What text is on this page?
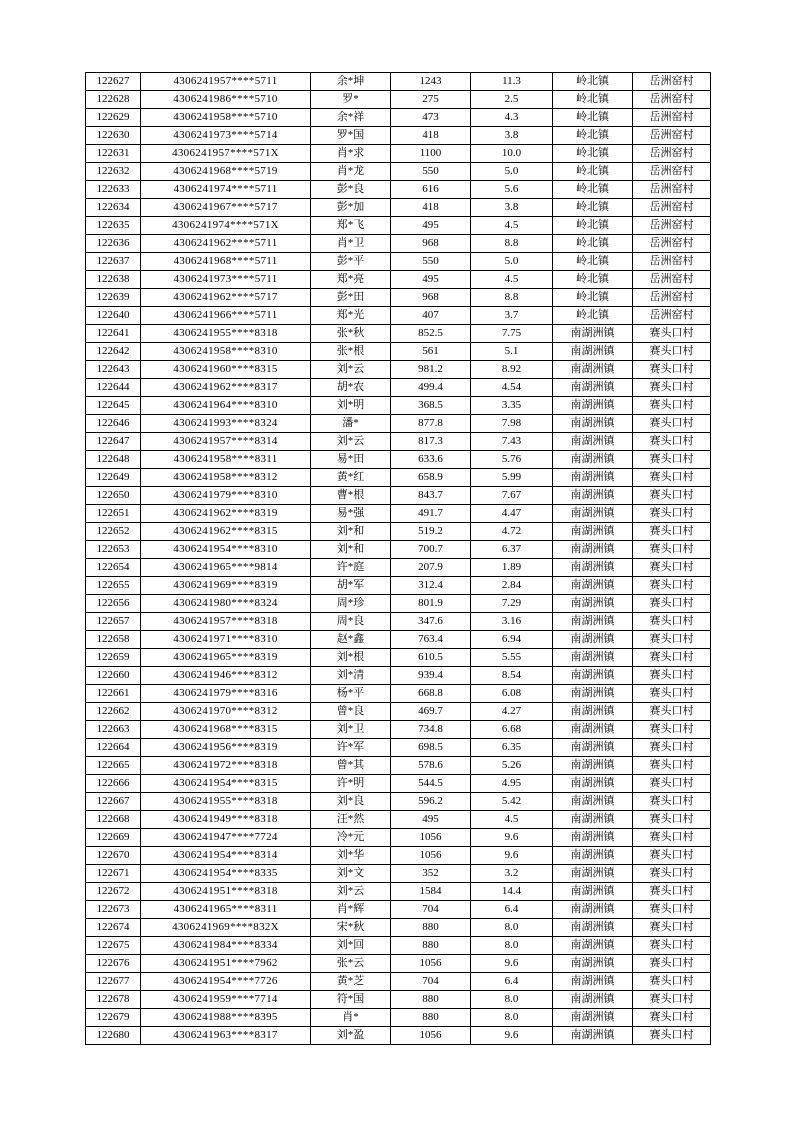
122627	4306241957****5711	余*坤	1243	11.3	岭北镇	岳洲窑村
122628	4306241986****5710	罗*	275	2.5	岭北镇	岳洲窑村
122629	4306241958****5710	余*祥	473	4.3	岭北镇	岳洲窑村
122630	4306241973****5714	罗*国	418	3.8	岭北镇	岳洲窑村
122631	4306241957****571X	肖*求	1100	10.0	岭北镇	岳洲窑村
122632	4306241968****5719	肖*龙	550	5.0	岭北镇	岳洲窑村
122633	4306241974****5711	彭*良	616	5.6	岭北镇	岳洲窑村
122634	4306241967****5717	彭*加	418	3.8	岭北镇	岳洲窑村
122635	4306241974****571X	郑*飞	495	4.5	岭北镇	岳洲窑村
122636	4306241962****5711	肖*卫	968	8.8	岭北镇	岳洲窑村
122637	4306241968****5711	彭*平	550	5.0	岭北镇	岳洲窑村
122638	4306241973****5711	郑*亮	495	4.5	岭北镇	岳洲窑村
122639	4306241962****5717	彭*田	968	8.8	岭北镇	岳洲窑村
122640	4306241966****5711	郑*光	407	3.7	岭北镇	岳洲窑村
122641	4306241955****8318	张*秋	852.5	7.75	南湖洲镇	赛头口村
122642	4306241958****8310	张*根	561	5.1	南湖洲镇	赛头口村
122643	4306241960****8315	刘*云	981.2	8.92	南湖洲镇	赛头口村
122644	4306241962****8317	胡*农	499.4	4.54	南湖洲镇	赛头口村
122645	4306241964****8310	刘*明	368.5	3.35	南湖洲镇	赛头口村
122646	4306241993****8324	潘*	877.8	7.98	南湖洲镇	赛头口村
122647	4306241957****8314	刘*云	817.3	7.43	南湖洲镇	赛头口村
122648	4306241958****8311	易*田	633.6	5.76	南湖洲镇	赛头口村
122649	4306241958****8312	黄*红	658.9	5.99	南湖洲镇	赛头口村
122650	4306241979****8310	曹*根	843.7	7.67	南湖洲镇	赛头口村
122651	4306241962****8319	易*强	491.7	4.47	南湖洲镇	赛头口村
122652	4306241962****8315	刘*和	519.2	4.72	南湖洲镇	赛头口村
122653	4306241954****8310	刘*和	700.7	6.37	南湖洲镇	赛头口村
122654	4306241965****9814	许*庭	207.9	1.89	南湖洲镇	赛头口村
122655	4306241969****8319	胡*军	312.4	2.84	南湖洲镇	赛头口村
122656	4306241980****8324	周*珍	801.9	7.29	南湖洲镇	赛头口村
122657	4306241957****8318	周*良	347.6	3.16	南湖洲镇	赛头口村
122658	4306241971****8310	赵*鑫	763.4	6.94	南湖洲镇	赛头口村
122659	4306241965****8319	刘*根	610.5	5.55	南湖洲镇	赛头口村
122660	4306241946****8312	刘*清	939.4	8.54	南湖洲镇	赛头口村
122661	4306241979****8316	杨*平	668.8	6.08	南湖洲镇	赛头口村
122662	4306241970****8312	曾*良	469.7	4.27	南湖洲镇	赛头口村
122663	4306241968****8315	刘*卫	734.8	6.68	南湖洲镇	赛头口村
122664	4306241956****8319	许*军	698.5	6.35	南湖洲镇	赛头口村
122665	4306241972****8318	曾*其	578.6	5.26	南湖洲镇	赛头口村
122666	4306241954****8315	许*明	544.5	4.95	南湖洲镇	赛头口村
122667	4306241955****8318	刘*良	596.2	5.42	南湖洲镇	赛头口村
122668	4306241949****8318	汪*然	495	4.5	南湖洲镇	赛头口村
122669	4306241947****7724	冷*元	1056	9.6	南湖洲镇	赛头口村
122670	4306241954****8314	刘*华	1056	9.6	南湖洲镇	赛头口村
122671	4306241954****8335	刘*文	352	3.2	南湖洲镇	赛头口村
122672	4306241951****8318	刘*云	1584	14.4	南湖洲镇	赛头口村
122673	4306241965****8311	肖*辉	704	6.4	南湖洲镇	赛头口村
122674	4306241969****832X	宋*秋	880	8.0	南湖洲镇	赛头口村
122675	4306241984****8334	刘*回	880	8.0	南湖洲镇	赛头口村
122676	4306241951****7962	张*云	1056	9.6	南湖洲镇	赛头口村
122677	4306241954****7726	黄*芝	704	6.4	南湖洲镇	赛头口村
122678	4306241959****7714	符*国	880	8.0	南湖洲镇	赛头口村
122679	4306241988****8395	肖*	880	8.0	南湖洲镇	赛头口村
122680	4306241963****8317	刘*盈	1056	9.6	南湖洲镇	赛头口村
